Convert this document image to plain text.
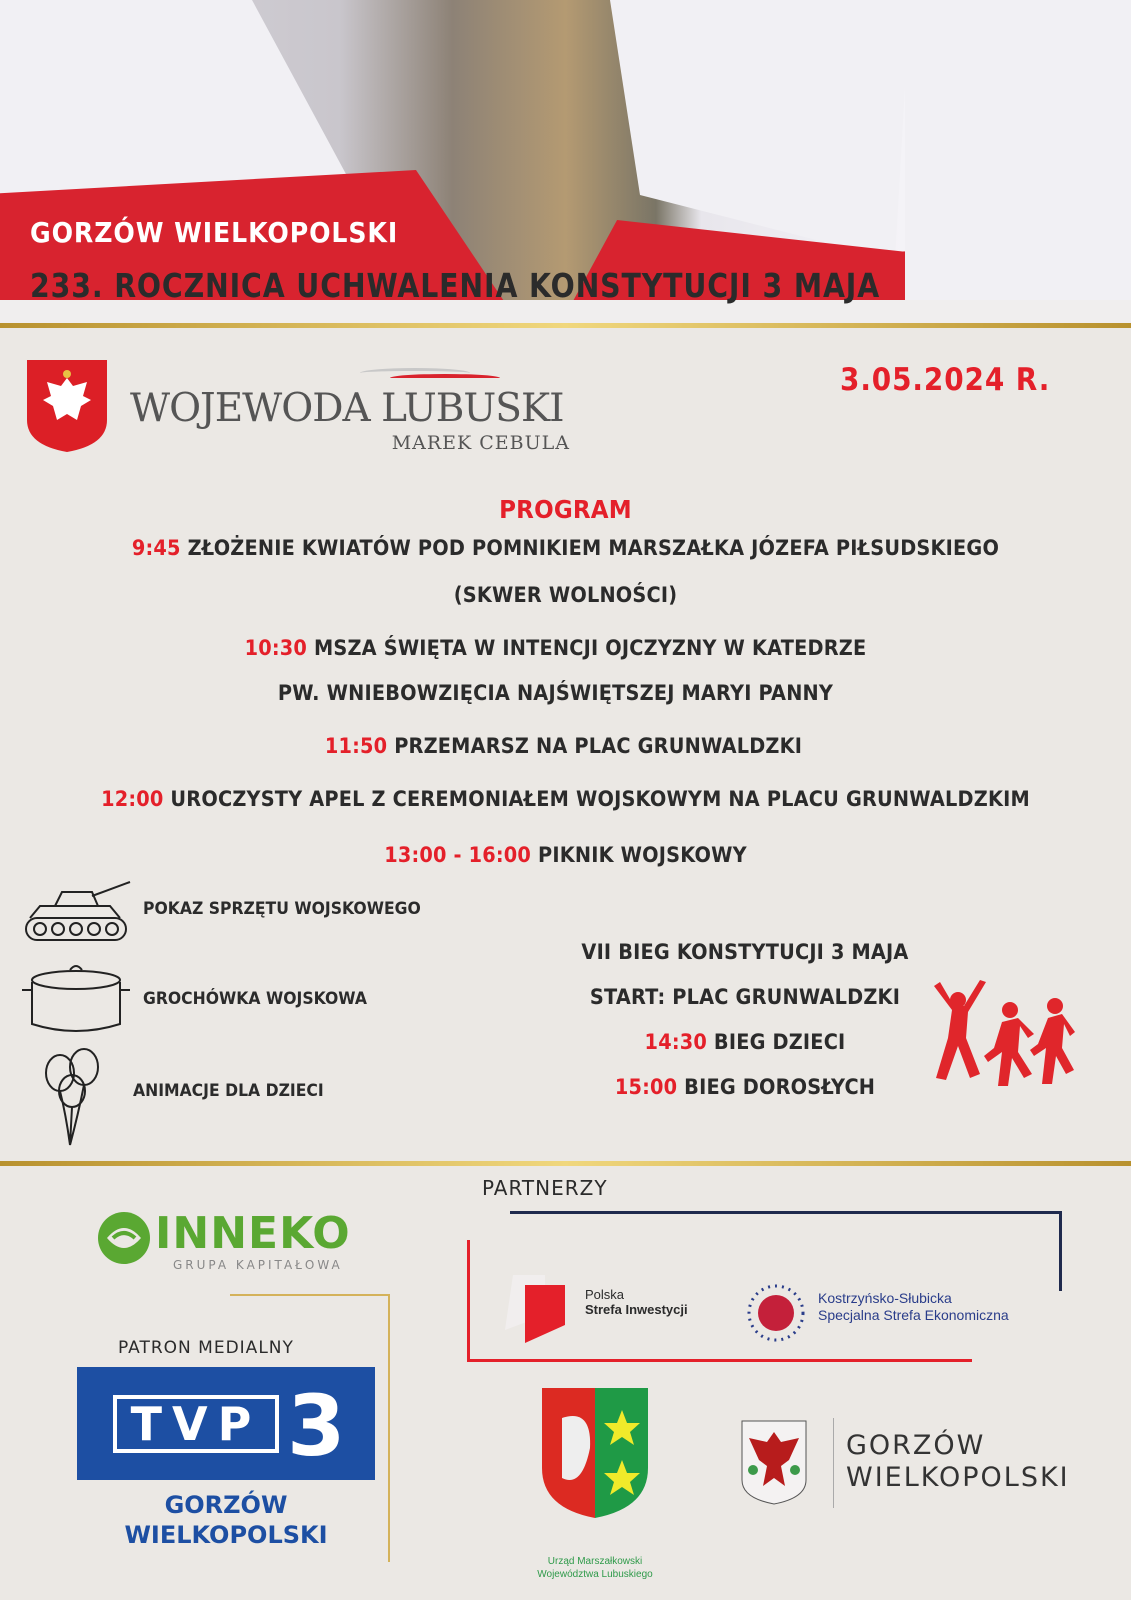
GORZÓW WIELKOPOLSKI
233. ROCZNICA UCHWALENIA KONSTYTUCJI 3 MAJA
WOJEWODA LUBUSKI
MAREK CEBULA
3.05.2024 R.
PROGRAM
9:45 ZŁOŻENIE KWIATÓW POD POMNIKIEM MARSZAŁKA JÓZEFA PIŁSUDSKIEGO
(SKWER WOLNOŚCI)
10:30 MSZA ŚWIĘTA W INTENCJI OJCZYZNY W KATEDRZE
PW. WNIEBOWZIĘCIA NAJŚWIĘTSZEJ MARYI PANNY
11:50 PRZEMARSZ NA PLAC GRUNWALDZKI
12:00 UROCZYSTY APEL Z CEREMONIAŁEM WOJSKOWYM NA PLACU GRUNWALDZKIM
13:00 - 16:00 PIKNIK WOJSKOWY
POKAZ SPRZĘTU WOJSKOWEGO
GROCHÓWKA WOJSKOWA
ANIMACJE DLA DZIECI
VII BIEG KONSTYTUCJI 3 MAJA
START: PLAC GRUNWALDZKI
14:30 BIEG DZIECI
15:00 BIEG DOROSŁYCH
PARTNERZY
INNEKO
GRUPA KAPITAŁOWA
Polska
Strefa Inwestycji
Kostrzyńsko-Słubicka
Specjalna Strefa Ekonomiczna
PATRON MEDIALNY
TVP 3
GORZÓW
WIELKOPOLSKI
Urząd Marszałkowski
Województwa Lubuskiego
GORZÓW
WIELKOPOLSKI
